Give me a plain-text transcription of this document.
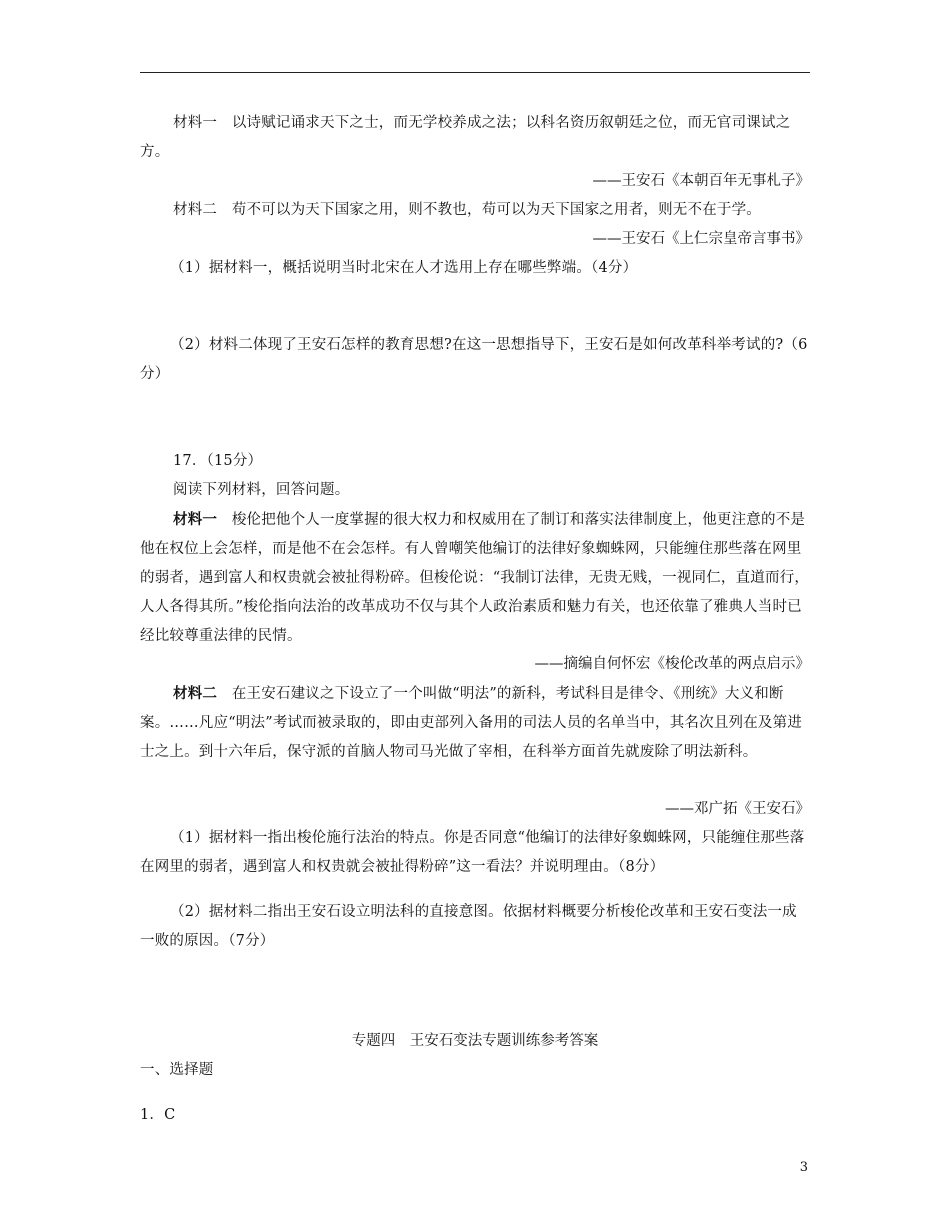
材料一　 以诗赋记诵求天下之士，而无学校养成之法；以科名资历叙朝廷之位，而无官司课试之方。

——王安石《本朝百年无事札子》

材料二　 苟不可以为天下国家之用，则不教也，苟可以为天下国家之用者，则无不在于学。

——王安石《上仁宗皇帝言事书》

（1）据材料一，概括说明当时北宋在人才选用上存在哪些弊端。（4分）

（2）材料二体现了王安石怎样的教育思想?在这一思想指导下，王安石是如何改革科举考试的?（6分）

17．（15分）

阅读下列材料，回答问题。

材料一　 梭伦把他个人一度掌握的很大权力和权威用在了制订和落实法律制度上，他更注意的不是他在权位上会怎样，而是他不在会怎样。有人曾嘲笑他编订的法律好象蜘蛛网，只能缠住那些落在网里的弱者，遇到富人和权贵就会被扯得粉碎。但梭伦说：“我制订法律，无贵无贱，一视同仁，直道而行，人人各得其所。”梭伦指向法治的改革成功不仅与其个人政治素质和魅力有关，也还依靠了雅典人当时已经比较尊重法律的民情。

——摘编自何怀宏《梭伦改革的两点启示》

材料二　 在王安石建议之下设立了一个叫做“明法”的新科，考试科目是律令、《刑统》大义和断案。……凡应“明法”考试而被录取的，即由吏部列入备用的司法人员的名单当中，其名次且列在及第进士之上。到十六年后，保守派的首脑人物司马光做了宰相，在科举方面首先就废除了明法新科。

——邓广拓《王安石》

（1）据材料一指出梭伦施行法治的特点。你是否同意“他编订的法律好象蜘蛛网，只能缠住那些落在网里的弱者，遇到富人和权贵就会被扯得粉碎”这一看法？并说明理由。（8分）

（2）据材料二指出王安石设立明法科的直接意图。依据材料概要分析梭伦改革和王安石变法一成一败的原因。（7分）

专题四　王安石变法专题训练参考答案

一、选择题

1．C

3
